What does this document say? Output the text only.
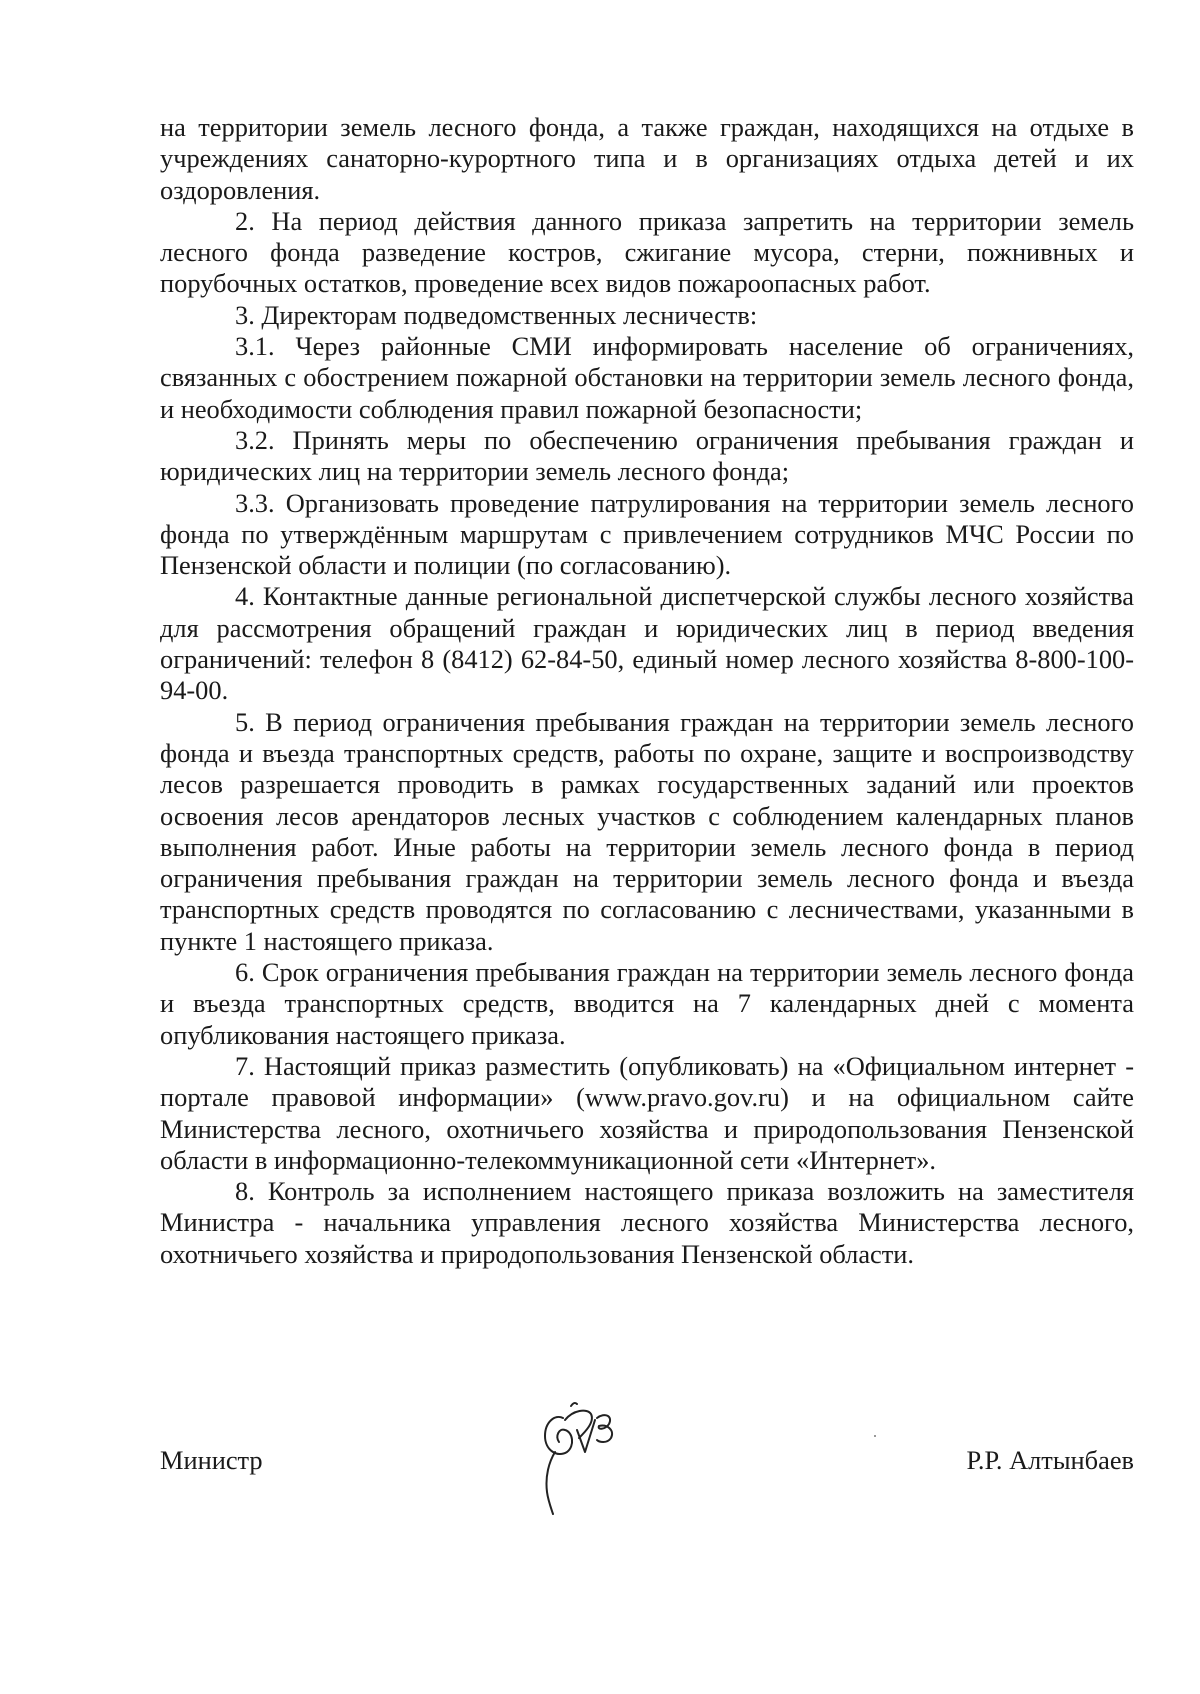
на территории земель лесного фонда, а также граждан, находящихся на отдыхе в учреждениях санаторно-курортного типа и в организациях отдыха детей и их оздоровления.

2. На период действия данного приказа запретить на территории земель лесного фонда разведение костров, сжигание мусора, стерни, пожнивных и порубочных остатков, проведение всех видов пожароопасных работ.

3. Директорам подведомственных лесничеств:

3.1. Через районные СМИ информировать население об ограничениях, связанных с обострением пожарной обстановки на территории земель лесного фонда, и необходимости соблюдения правил пожарной безопасности;

3.2. Принять меры по обеспечению ограничения пребывания граждан и юридических лиц на территории земель лесного фонда;

3.3. Организовать проведение патрулирования на территории земель лесного фонда по утверждённым маршрутам с привлечением сотрудников МЧС России по Пензенской области и полиции (по согласованию).

4. Контактные данные региональной диспетчерской службы лесного хозяйства для рассмотрения обращений граждан и юридических лиц в период введения ограничений: телефон 8 (8412) 62-84-50, единый номер лесного хозяйства 8-800-100-94-00.

5. В период ограничения пребывания граждан на территории земель лесного фонда и въезда транспортных средств, работы по охране, защите и воспроизводству лесов разрешается проводить в рамках государственных заданий или проектов освоения лесов арендаторов лесных участков с соблюдением календарных планов выполнения работ. Иные работы на территории земель лесного фонда в период ограничения пребывания граждан на территории земель лесного фонда и въезда транспортных средств проводятся по согласованию с лесничествами, указанными в пункте 1 настоящего приказа.

6. Срок ограничения пребывания граждан на территории земель лесного фонда и въезда транспортных средств, вводится на 7 календарных дней с момента опубликования настоящего приказа.

7. Настоящий приказ разместить (опубликовать) на «Официальном интернет - портале правовой информации» (www.pravo.gov.ru) и на официальном сайте Министерства лесного, охотничьего хозяйства и природопользования Пензенской области в информационно-телекоммуникационной сети «Интернет».

8. Контроль за исполнением настоящего приказа возложить на заместителя Министра - начальника управления лесного хозяйства Министерства лесного, охотничьего хозяйства и природопользования Пензенской области.

Министр	Р.Р. Алтынбаев
